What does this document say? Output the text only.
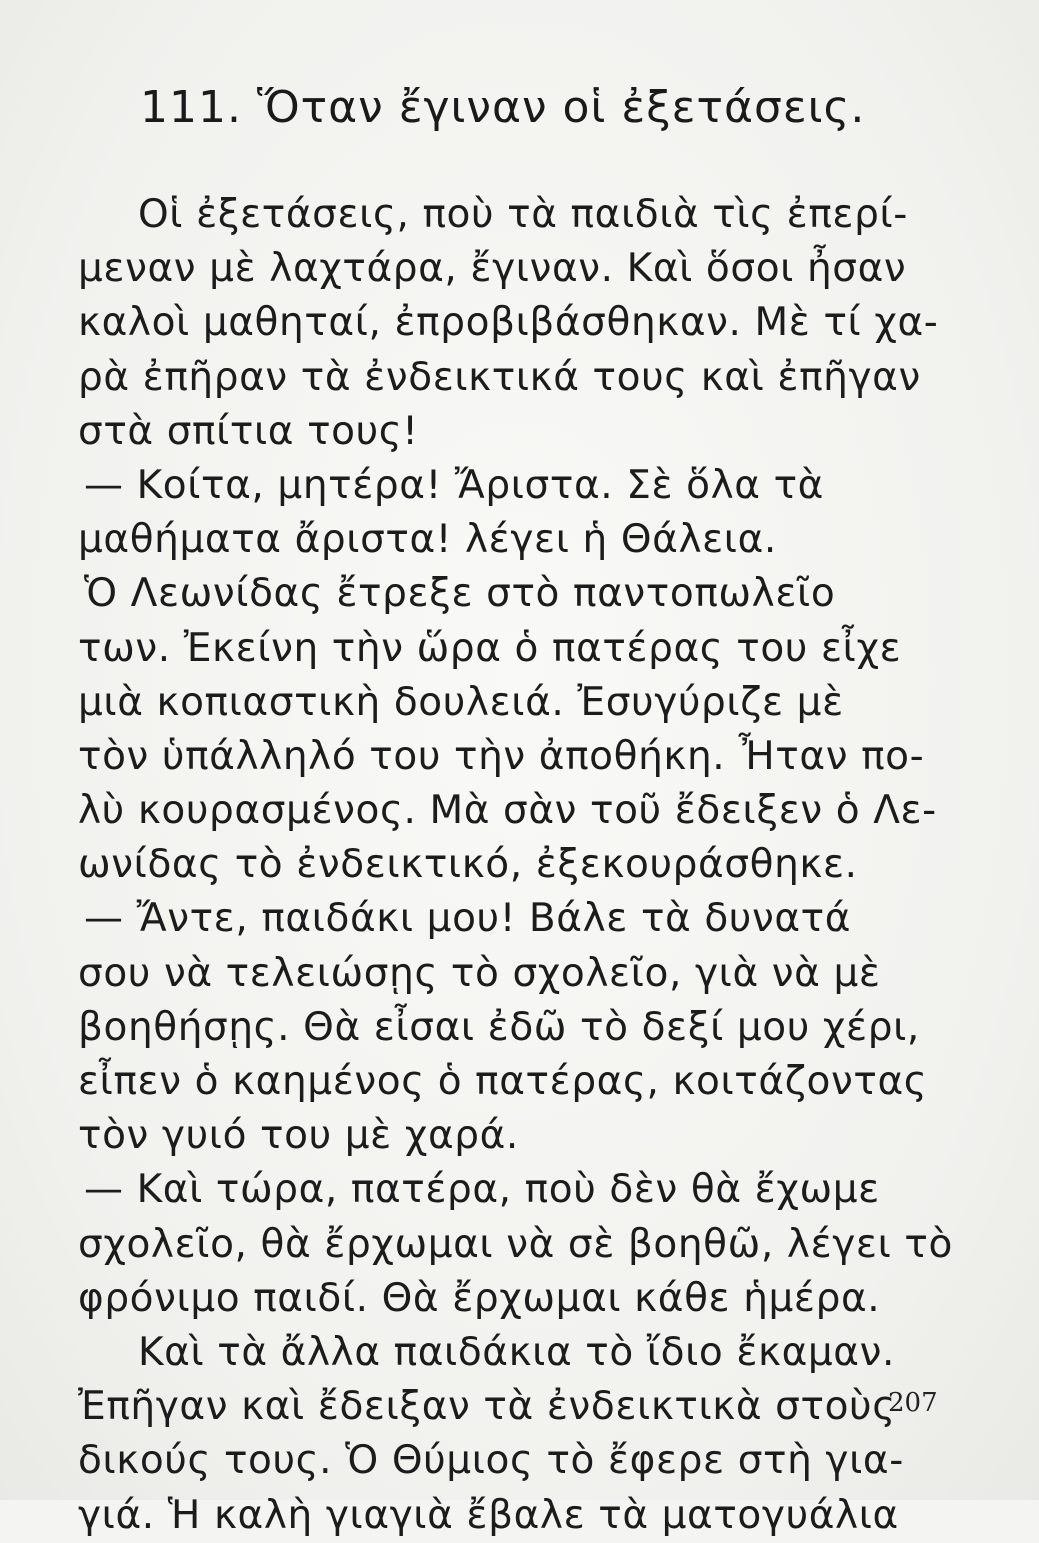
111. Ὅταν ἔγιναν οἱ ἐξετάσεις.
Οἱ ἐξετάσεις, ποὺ τὰ παιδιὰ τὶς ἐπερί-
μεναν μὲ λαχτάρα, ἔγιναν. Καὶ ὅσοι ἦσαν
καλοὶ μαθηταί, ἐπροβιβάσθηκαν. Μὲ τί χα-
ρὰ ἐπῆραν τὰ ἐνδεικτικά τους καὶ ἐπῆγαν
στὰ σπίτια τους!
— Κοίτα, μητέρα! Ἄριστα. Σὲ ὅλα τὰ
μαθήματα ἄριστα! λέγει ἡ Θάλεια.
Ὁ Λεωνίδας ἔτρεξε στὸ παντοπωλεῖο
των. Ἐκείνη τὴν ὥρα ὁ πατέρας του εἶχε
μιὰ κοπιαστικὴ δουλειά. Ἐσυγύριζε μὲ
τὸν ὑπάλληλό του τὴν ἀποθήκη. Ἦταν πο-
λὺ κουρασμένος. Μὰ σὰν τοῦ ἔδειξεν ὁ Λε-
ωνίδας τὸ ἐνδεικτικό, ἐξεκουράσθηκε.
— Ἄντε, παιδάκι μου! Βάλε τὰ δυνατά
σου νὰ τελειώσῃς τὸ σχολεῖο, γιὰ νὰ μὲ
βοηθήσῃς. Θὰ εἶσαι ἐδῶ τὸ δεξί μου χέρι,
εἶπεν ὁ καημένος ὁ πατέρας, κοιτάζοντας
τὸν γυιό του μὲ χαρά.
— Καὶ τώρα, πατέρα, ποὺ δὲν θὰ ἔχωμε
σχολεῖο, θὰ ἔρχωμαι νὰ σὲ βοηθῶ, λέγει τὸ
φρόνιμο παιδί. Θὰ ἔρχωμαι κάθε ἡμέρα.
Καὶ τὰ ἄλλα παιδάκια τὸ ἴδιο ἔκαμαν.
Ἐπῆγαν καὶ ἔδειξαν τὰ ἐνδεικτικὰ στοὺς
δικούς τους. Ὁ Θύμιος τὸ ἔφερε στὴ για-
γιά. Ἡ καλὴ γιαγιὰ ἔβαλε τὰ ματογυάλια
207
